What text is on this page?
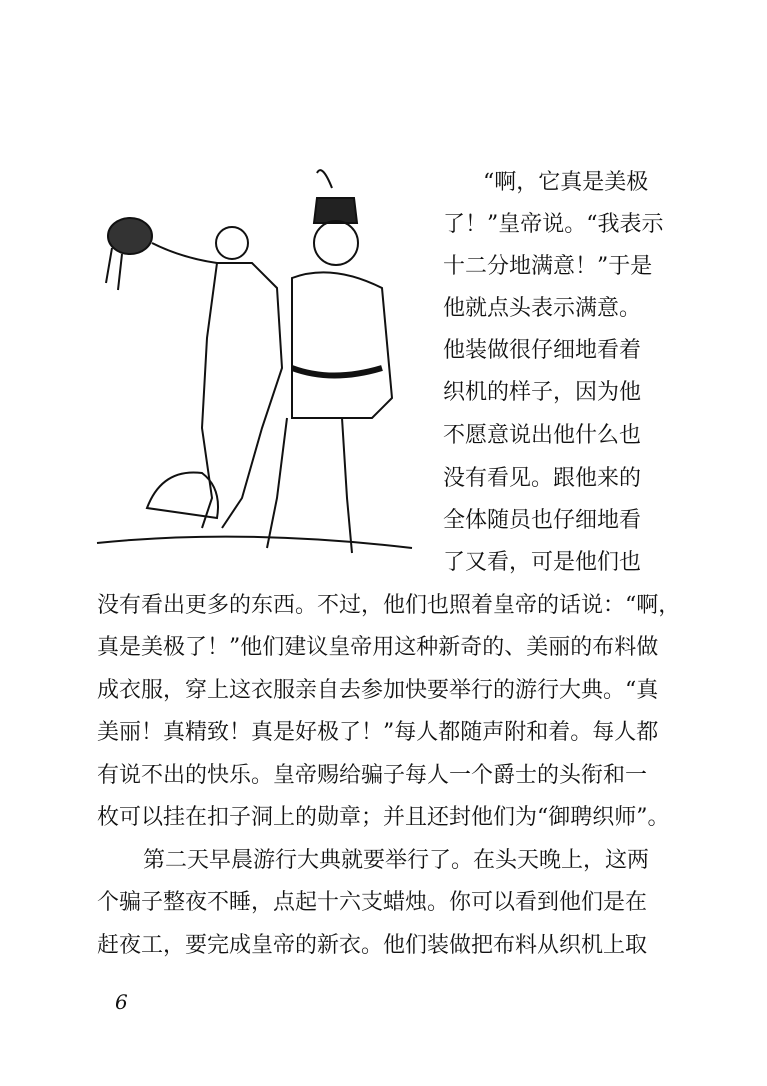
“啊，它真是美极
了！”皇帝说。“我表示
十二分地满意！”于是
他就点头表示满意。
他装做很仔细地看着
织机的样子，因为他
不愿意说出他什么也
没有看见。跟他来的
全体随员也仔细地看
了又看，可是他们也
没有看出更多的东西。不过，他们也照着皇帝的话说：“啊，
真是美极了！”他们建议皇帝用这种新奇的、美丽的布料做
成衣服，穿上这衣服亲自去参加快要举行的游行大典。“真
美丽！真精致！真是好极了！”每人都随声附和着。每人都
有说不出的快乐。皇帝赐给骗子每人一个爵士的头衔和一
枚可以挂在扣子洞上的勋章；并且还封他们为“御聘织师”。
第二天早晨游行大典就要举行了。在头天晚上，这两
个骗子整夜不睡，点起十六支蜡烛。你可以看到他们是在
赶夜工，要完成皇帝的新衣。他们装做把布料从织机上取
6
